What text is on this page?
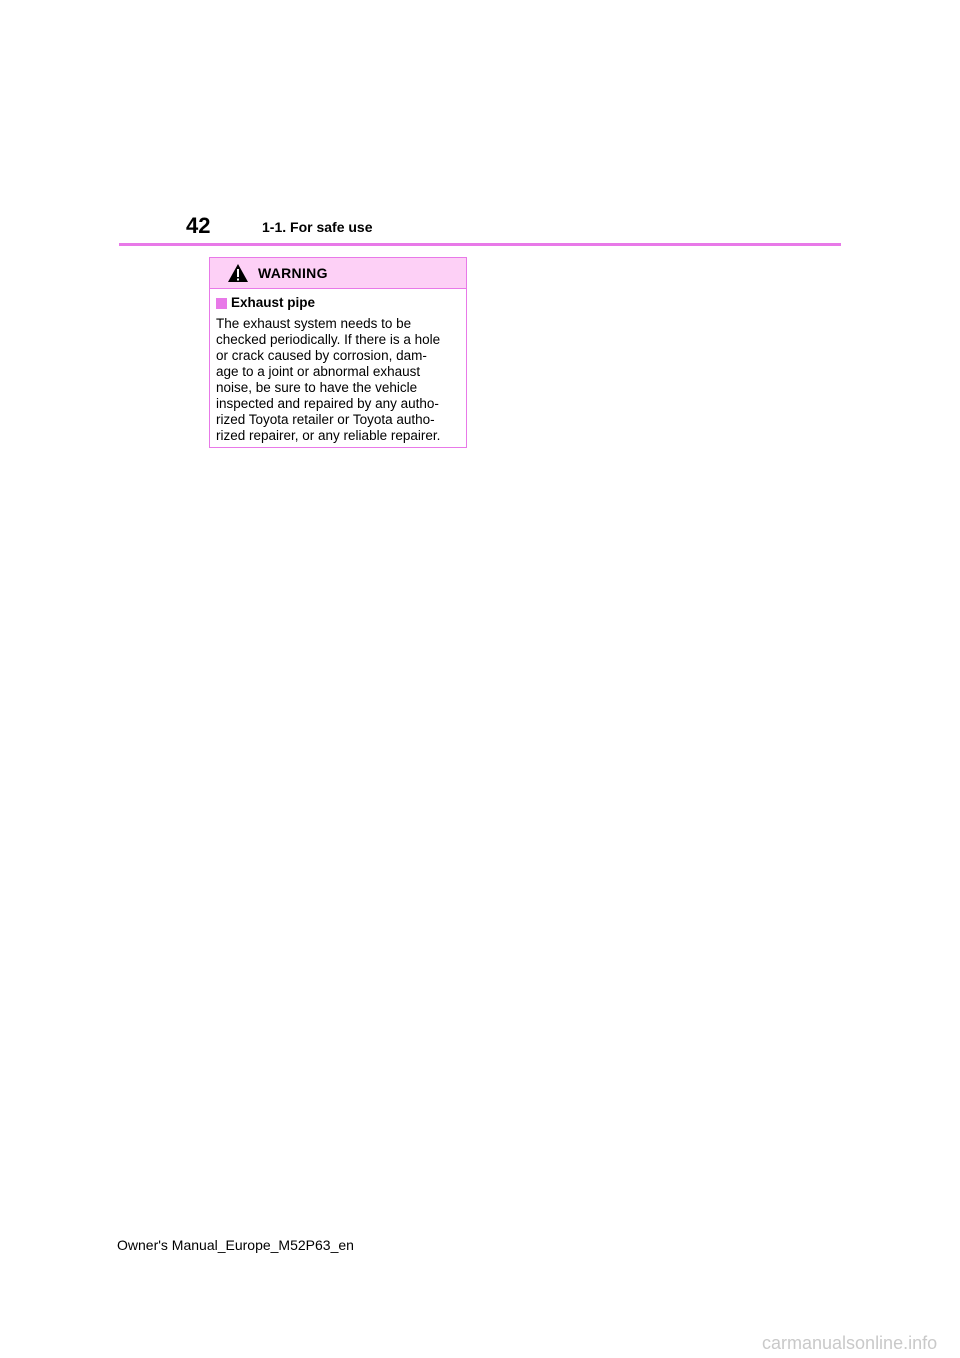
42	1-1. For safe use
WARNING
Exhaust pipe
The exhaust system needs to be
checked periodically. If there is a hole
or crack caused by corrosion, dam-
age to a joint or abnormal exhaust
noise, be sure to have the vehicle
inspected and repaired by any autho-
rized Toyota retailer or Toyota autho-
rized repairer, or any reliable repairer.
Owner's Manual_Europe_M52P63_en
carmanualsonline.info
